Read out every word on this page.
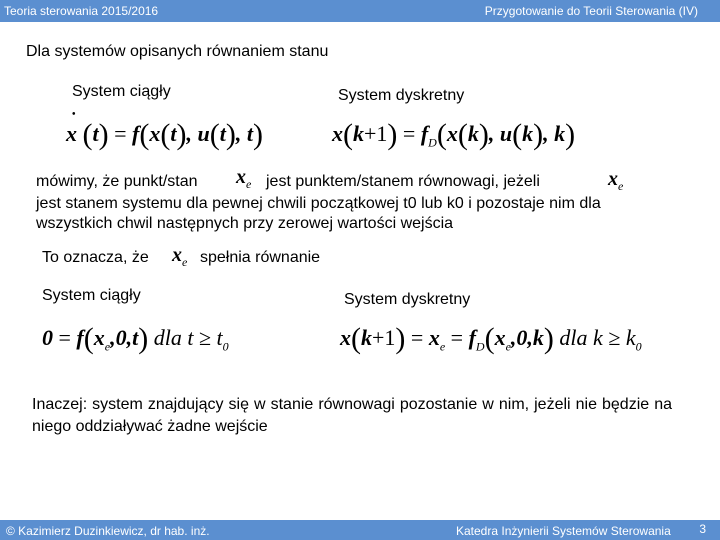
Teoria sterowania 2015/2016	Przygotowanie do Teorii Sterowania (IV)
Dla systemów opisanych równaniem stanu
System ciągły	System dyskretny
•
x (t) = f(x(t), u(t), t)	$x(k+1) = f_D(x(k)$, u(k), k)
mówimy, że punkt/stan $x_e$ jest punktem/stanem równowagi, jeżeli	$x_e$
jest stanem systemu dla pewnej chwili początkowej t0 lub k0 i pozostaje nim dla
wszystkich chwil następnych przy zerowej wartości wejścia
To oznacza, że $x_e$ spełnia równanie
System ciągły	System dyskretny
$0 = f(x_e,0,t)$ dla $t \ge t_0$	$x(k+1) = x_e = f_D(x_e,0,k)$ dla $k \ge k_0$
Inaczej: system znajdujący się w stanie równowagi pozostanie w nim, jeżeli nie będzie na niego oddziaływać żadne wejście
© Kazimierz Duzinkiewicz, dr hab. inż.	Katedra Inżynierii Systemów Sterowania 3
